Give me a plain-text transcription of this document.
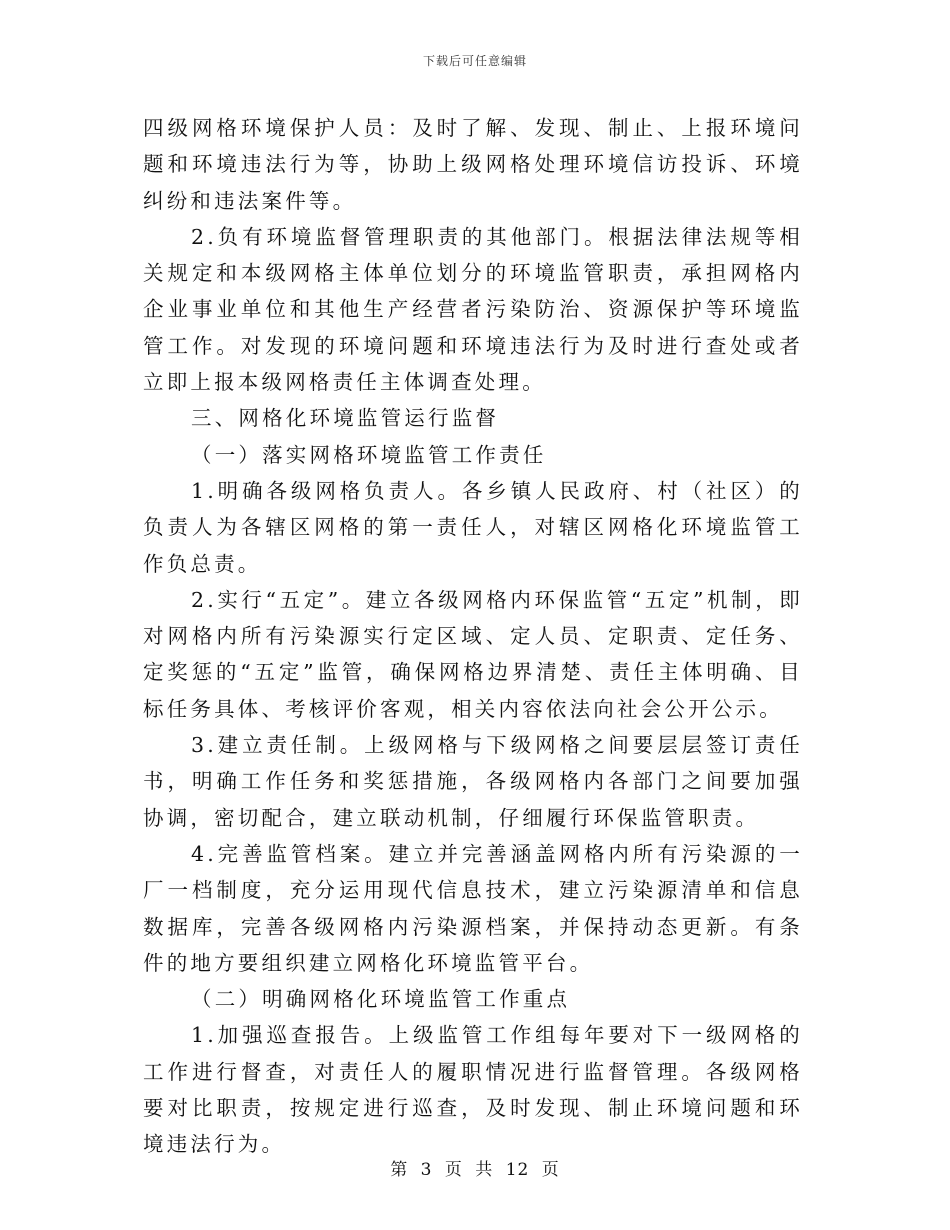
下载后可任意编辑

四级网格环境保护人员：及时了解、发现、制止、上报环境问题和环境违法行为等，协助上级网格处理环境信访投诉、环境纠纷和违法案件等。

2.负有环境监督管理职责的其他部门。根据法律法规等相关规定和本级网格主体单位划分的环境监管职责，承担网格内企业事业单位和其他生产经营者污染防治、资源保护等环境监管工作。对发现的环境问题和环境违法行为及时进行查处或者立即上报本级网格责任主体调查处理。

三、网格化环境监管运行监督

（一）落实网格环境监管工作责任

1.明确各级网格负责人。各乡镇人民政府、村（社区）的负责人为各辖区网格的第一责任人，对辖区网格化环境监管工作负总责。

2.实行“五定”。建立各级网格内环保监管“五定”机制，即对网格内所有污染源实行定区域、定人员、定职责、定任务、定奖惩的“五定”监管，确保网格边界清楚、责任主体明确、目标任务具体、考核评价客观，相关内容依法向社会公开公示。

3.建立责任制。上级网格与下级网格之间要层层签订责任书，明确工作任务和奖惩措施，各级网格内各部门之间要加强协调，密切配合，建立联动机制，仔细履行环保监管职责。

4.完善监管档案。建立并完善涵盖网格内所有污染源的一厂一档制度，充分运用现代信息技术，建立污染源清单和信息数据库，完善各级网格内污染源档案，并保持动态更新。有条件的地方要组织建立网格化环境监管平台。

（二）明确网格化环境监管工作重点

1.加强巡查报告。上级监管工作组每年要对下一级网格的工作进行督查，对责任人的履职情况进行监督管理。各级网格要对比职责，按规定进行巡查，及时发现、制止环境问题和环境违法行为。

第 3 页 共 12 页
